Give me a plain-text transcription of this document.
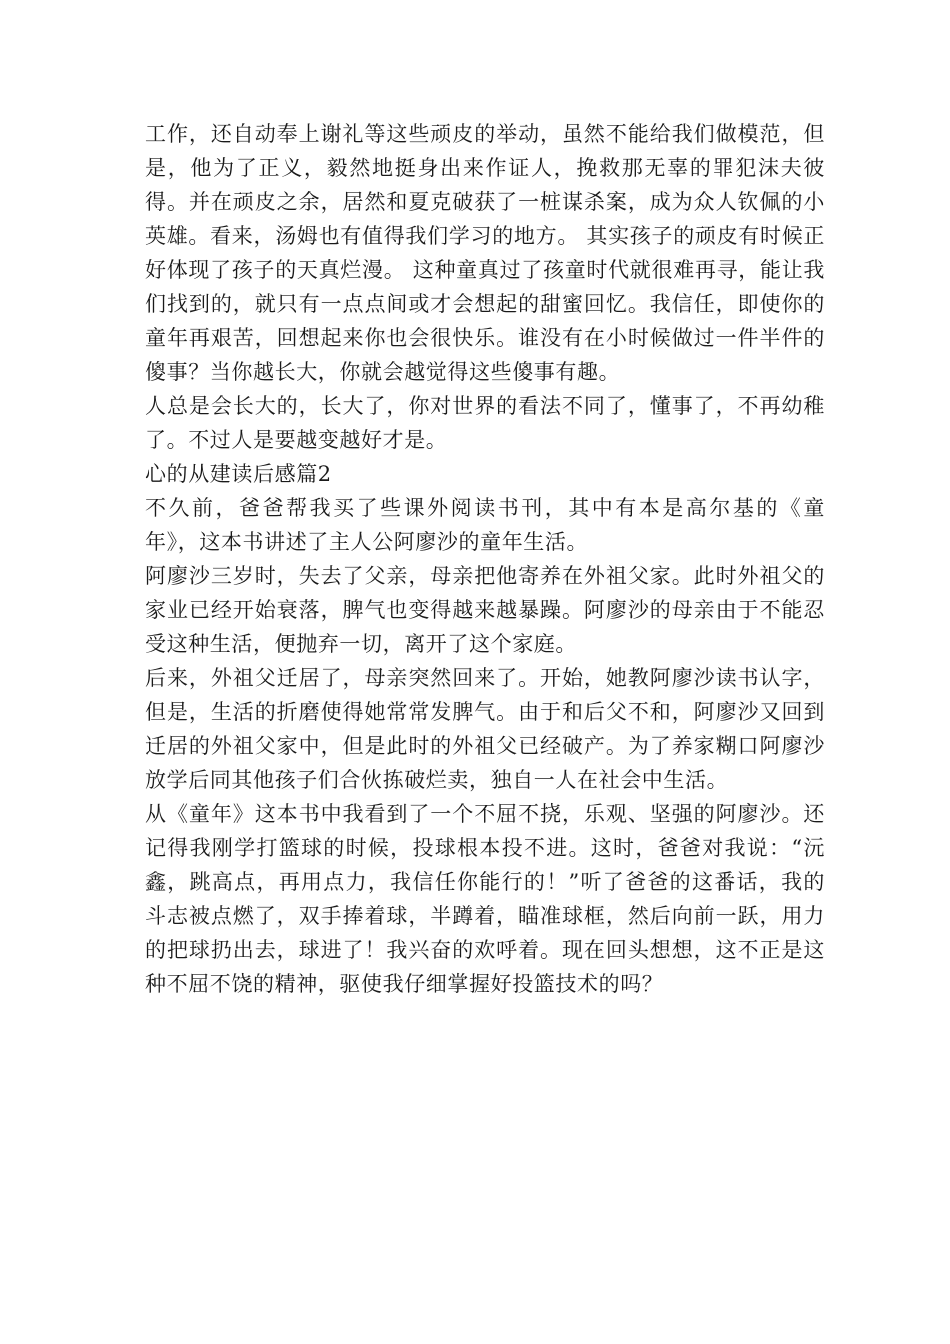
工作，还自动奉上谢礼等这些顽皮的举动，虽然不能给我们做模范，但是，他为了正义，毅然地挺身出来作证人，挽救那无辜的罪犯沫夫彼得。并在顽皮之余，居然和夏克破获了一桩谋杀案，成为众人钦佩的小英雄。看来，汤姆也有值得我们学习的地方。 其实孩子的顽皮有时候正好体现了孩子的天真烂漫。 这种童真过了孩童时代就很难再寻，能让我们找到的，就只有一点点间或才会想起的甜蜜回忆。我信任，即使你的童年再艰苦，回想起来你也会很快乐。谁没有在小时候做过一件半件的傻事？当你越长大，你就会越觉得这些傻事有趣。

人总是会长大的，长大了，你对世界的看法不同了，懂事了，不再幼稚了。不过人是要越变越好才是。

心的从建读后感篇2

不久前，爸爸帮我买了些课外阅读书刊，其中有本是高尔基的《童年》，这本书讲述了主人公阿廖沙的童年生活。

阿廖沙三岁时，失去了父亲，母亲把他寄养在外祖父家。此时外祖父的家业已经开始衰落，脾气也变得越来越暴躁。阿廖沙的母亲由于不能忍受这种生活，便抛弃一切，离开了这个家庭。

后来，外祖父迁居了，母亲突然回来了。开始，她教阿廖沙读书认字，但是，生活的折磨使得她常常发脾气。由于和后父不和，阿廖沙又回到迁居的外祖父家中，但是此时的外祖父已经破产。为了养家糊口阿廖沙放学后同其他孩子们合伙拣破烂卖，独自一人在社会中生活。

从《童年》这本书中我看到了一个不屈不挠，乐观、坚强的阿廖沙。还记得我刚学打篮球的时候，投球根本投不进。这时，爸爸对我说：“沅鑫，跳高点，再用点力，我信任你能行的！”听了爸爸的这番话，我的斗志被点燃了，双手捧着球，半蹲着，瞄准球框，然后向前一跃，用力的把球扔出去，球进了！我兴奋的欢呼着。现在回头想想，这不正是这种不屈不饶的精神，驱使我仔细掌握好投篮技术的吗？
